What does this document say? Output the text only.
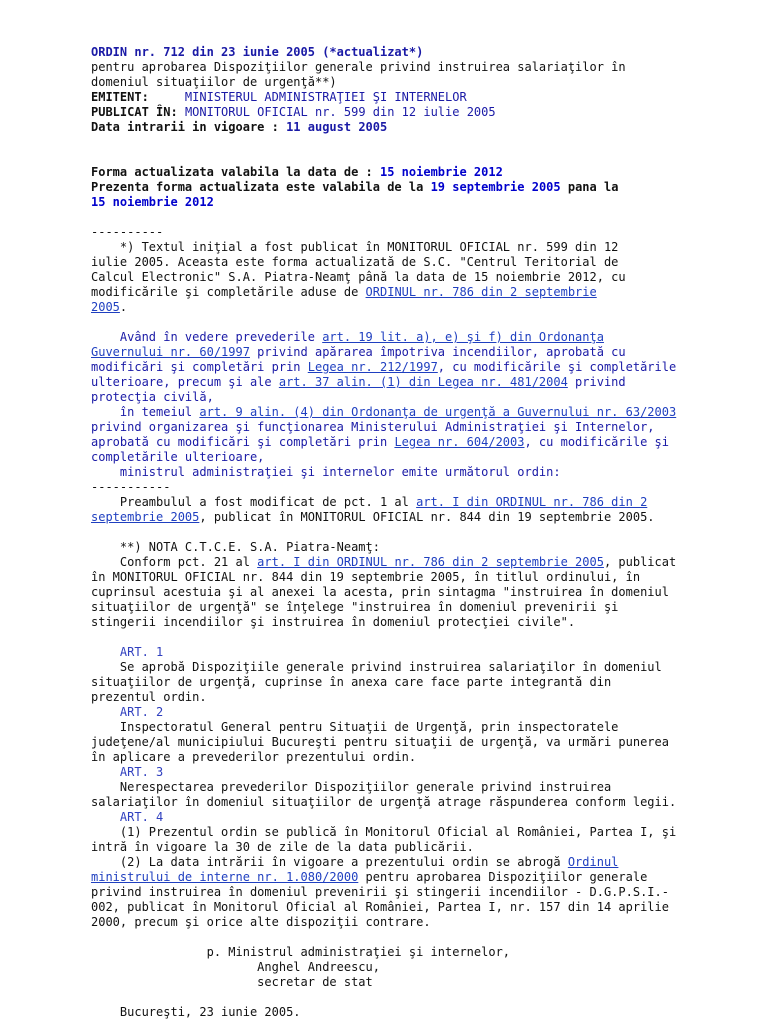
ORDIN nr. 712 din 23 iunie 2005 (*actualizat*)
pentru aprobarea Dispoziţiilor generale privind instruirea salariaţilor în
domeniul situaţiilor de urgenţă**)
EMITENT:	MINISTERUL ADMINISTRAŢIEI ŞI INTERNELOR
PUBLICAT ÎN: MONITORUL OFICIAL nr. 599 din 12 iulie 2005
Data intrarii in vigoare : 11 august 2005
Forma actualizata valabila la data de : 15 noiembrie 2012
Prezenta forma actualizata este valabila de la 19 septembrie 2005 pana la
15 noiembrie 2012
----------
*) Textul iniţial a fost publicat în MONITORUL OFICIAL nr. 599 din 12
iulie 2005. Aceasta este forma actualizată de S.C. "Centrul Teritorial de
Calcul Electronic" S.A. Piatra-Neamţ până la data de 15 noiembrie 2012, cu
modificările şi completările aduse de ORDINUL nr. 786 din 2 septembrie
2005.
Având în vedere prevederile art. 19 lit. a), e) şi f) din Ordonanţa
Guvernului nr. 60/1997 privind apărarea împotriva incendiilor, aprobată cu
modificări şi completări prin Legea nr. 212/1997, cu modificările şi completările
ulterioare, precum şi ale art. 37 alin. (1) din Legea nr. 481/2004 privind
protecţia civilă,
în temeiul art. 9 alin. (4) din Ordonanţa de urgenţă a Guvernului nr. 63/2003
privind organizarea şi funcţionarea Ministerului Administraţiei şi Internelor,
aprobată cu modificări şi completări prin Legea nr. 604/2003, cu modificările şi
completările ulterioare,
ministrul administraţiei şi internelor emite următorul ordin:
-----------
Preambulul a fost modificat de pct. 1 al art. I din ORDINUL nr. 786 din 2
septembrie 2005, publicat în MONITORUL OFICIAL nr. 844 din 19 septembrie 2005.
**) NOTA C.T.C.E. S.A. Piatra-Neamţ:
Conform pct. 21 al art. I din ORDINUL nr. 786 din 2 septembrie 2005, publicat
în MONITORUL OFICIAL nr. 844 din 19 septembrie 2005, în titlul ordinului, în
cuprinsul acestuia şi al anexei la acesta, prin sintagma "instruirea în domeniul
situaţiilor de urgenţă" se înţelege "instruirea în domeniul prevenirii şi
stingerii incendiilor şi instruirea în domeniul protecţiei civile".
ART. 1
Se aprobă Dispoziţiile generale privind instruirea salariaţilor în domeniul
situaţiilor de urgenţă, cuprinse în anexa care face parte integrantă din
prezentul ordin.
ART. 2
Inspectoratul General pentru Situaţii de Urgenţă, prin inspectoratele
judeţene/al municipiului Bucureşti pentru situaţii de urgenţă, va urmări punerea
în aplicare a prevederilor prezentului ordin.
ART. 3
Nerespectarea prevederilor Dispoziţiilor generale privind instruirea
salariaţilor în domeniul situaţiilor de urgenţă atrage răspunderea conform legii.
ART. 4
(1) Prezentul ordin se publică în Monitorul Oficial al României, Partea I, şi
intră în vigoare la 30 de zile de la data publicării.
(2) La data intrării în vigoare a prezentului ordin se abrogă Ordinul
ministrului de interne nr. 1.080/2000 pentru aprobarea Dispoziţiilor generale
privind instruirea în domeniul prevenirii şi stingerii incendiilor - D.G.P.S.I.-
002, publicat în Monitorul Oficial al României, Partea I, nr. 157 din 14 aprilie
2000, precum şi orice alte dispoziţii contrare.
p. Ministrul administraţiei şi internelor,
Anghel Andreescu,
secretar de stat
Bucureşti, 23 iunie 2005.
